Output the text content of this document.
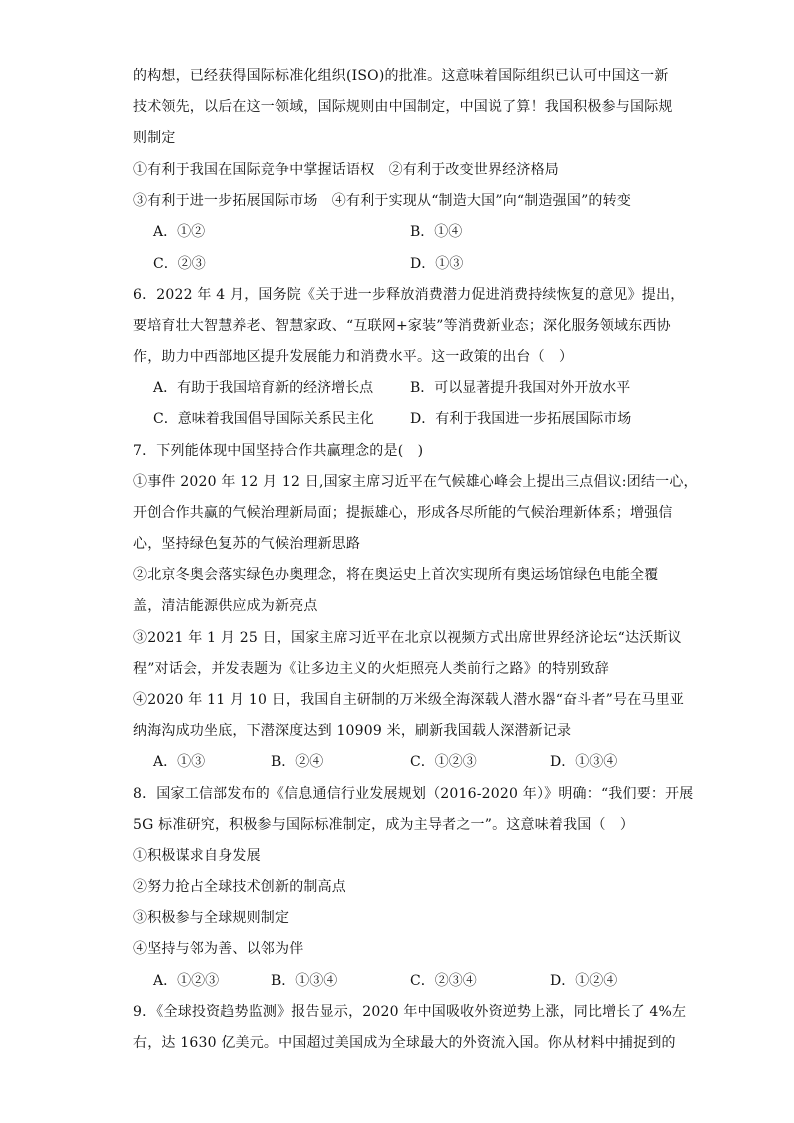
的构想，已经获得国际标准化组织(ISO)的批准。这意味着国际组织已认可中国这一新
技术领先，以后在这一领域，国际规则由中国制定，中国说了算！我国积极参与国际规
则制定
①有利于我国在国际竞争中掌握话语权　②有利于改变世界经济格局
③有利于进一步拓展国际市场　④有利于实现从“制造大国”向“制造强国”的转变
A．①②	B．①④
C．②③	D．①③
6．2022 年 4 月，国务院《关于进一步释放消费潜力促进消费持续恢复的意见》提出，
要培育壮大智慧养老、智慧家政、“互联网+家装”等消费新业态；深化服务领域东西协
作，助力中西部地区提升发展能力和消费水平。这一政策的出台（　）
A．有助于我国培育新的经济增长点	B．可以显著提升我国对外开放水平
C．意味着我国倡导国际关系民主化	D．有利于我国进一步拓展国际市场
7．下列能体现中国坚持合作共赢理念的是(　)
①事件 2020 年 12 月 12 日,国家主席习近平在气候雄心峰会上提出三点倡议:团结一心，
开创合作共赢的气候治理新局面；提振雄心，形成各尽所能的气候治理新体系；增强信
心，坚持绿色复苏的气候治理新思路
②北京冬奥会落实绿色办奥理念，将在奥运史上首次实现所有奥运场馆绿色电能全覆
盖，清洁能源供应成为新亮点
③2021 年 1 月 25 日，国家主席习近平在北京以视频方式出席世界经济论坛“达沃斯议
程”对话会，并发表题为《让多边主义的火炬照亮人类前行之路》的特别致辞
④2020 年 11 月 10 日，我国自主研制的万米级全海深载人潜水器“奋斗者”号在马里亚
纳海沟成功坐底，下潜深度达到 10909 米，刷新我国载人深潜新记录
A．①③	B．②④	C．①②③	D．①③④
8．国家工信部发布的《信息通信行业发展规划（2016-2020 年）》明确：“我们要：开展
5G 标准研究，积极参与国际标准制定，成为主导者之一”。这意味着我国（　）
①积极谋求自身发展
②努力抢占全球技术创新的制高点
③积极参与全球规则制定
④坚持与邻为善、以邻为伴
A．①②③	B．①③④	C．②③④	D．①②④
9．《全球投资趋势监测》报告显示，2020 年中国吸收外资逆势上涨，同比增长了 4%左
右，达 1630 亿美元。中国超过美国成为全球最大的外资流入国。你从材料中捕捉到的
